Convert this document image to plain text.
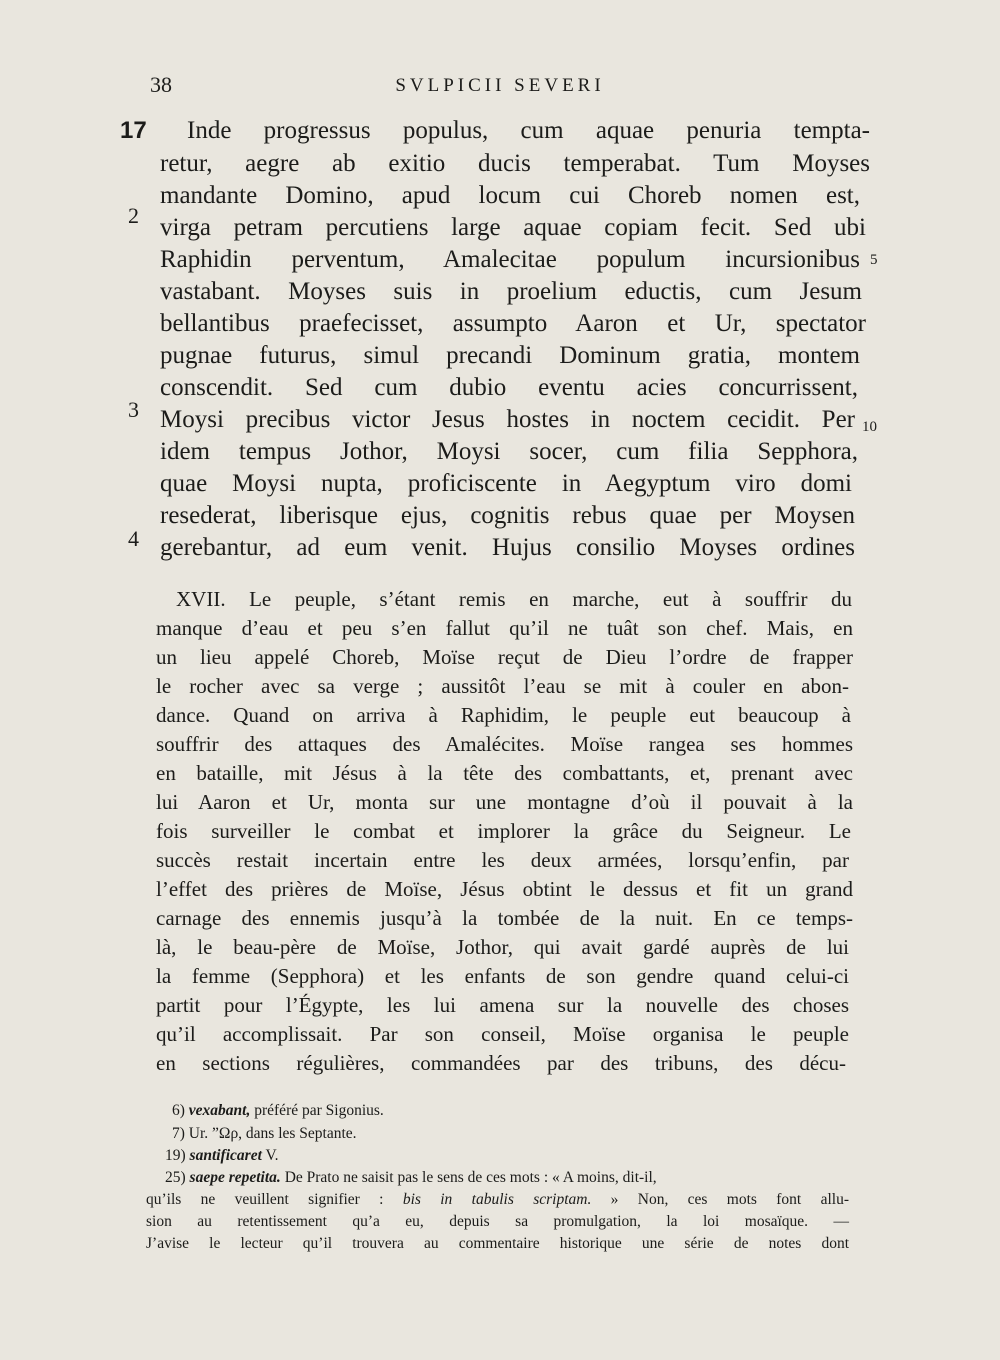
38	SVLPICII SEVERI
17
2
3
4
5
10
Inde progressus populus, cum aquae penuria tempta-
retur, aegre ab exitio ducis temperabat. Tum Moyses
mandante Domino, apud locum cui Choreb nomen est,
virga petram percutiens large aquae copiam fecit. Sed ubi
Raphidin perventum, Amalecitae populum incursionibus
vastabant. Moyses suis in proelium eductis, cum Jesum
bellantibus praefecisset, assumpto Aaron et Ur, spectator
pugnae futurus, simul precandi Dominum gratia, montem
conscendit. Sed cum dubio eventu acies concurrissent,
Moysi precibus victor Jesus hostes in noctem cecidit. Per
idem tempus Jothor, Moysi socer, cum filia Sepphora,
quae Moysi nupta, proficiscente in Aegyptum viro domi
resederat, liberisque ejus, cognitis rebus quae per Moysen
gerebantur, ad eum venit. Hujus consilio Moyses ordines
XVII. Le peuple, s’étant remis en marche, eut à souffrir du
manque d’eau et peu s’en fallut qu’il ne tuât son chef. Mais, en
un lieu appelé Choreb, Moïse reçut de Dieu l’ordre de frapper
le rocher avec sa verge ; aussitôt l’eau se mit à couler en abon-
dance. Quand on arriva à Raphidim, le peuple eut beaucoup à
souffrir des attaques des Amalécites. Moïse rangea ses hommes
en bataille, mit Jésus à la tête des combattants, et, prenant avec
lui Aaron et Ur, monta sur une montagne d’où il pouvait à la
fois surveiller le combat et implorer la grâce du Seigneur. Le
succès restait incertain entre les deux armées, lorsqu’enfin, par
l’effet des prières de Moïse, Jésus obtint le dessus et fit un grand
carnage des ennemis jusqu’à la tombée de la nuit. En ce temps-
là, le beau-père de Moïse, Jothor, qui avait gardé auprès de lui
la femme (Sepphora) et les enfants de son gendre quand celui-ci
partit pour l’Égypte, les lui amena sur la nouvelle des choses
qu’il accomplissait. Par son conseil, Moïse organisa le peuple
en sections régulières, commandées par des tribuns, des décu-
6) vexabant, préféré par Sigonius.
7) Ur. ”Ωρ, dans les Septante.
19) santificaret V.
25) saepe repetita. De Prato ne saisit pas le sens de ces mots : « A moins, dit-il,
qu’ils ne veuillent signifier : bis in tabulis scriptam. » Non, ces mots font allu-
sion au retentissement qu’a eu, depuis sa promulgation, la loi mosaïque. —
J’avise le lecteur qu’il trouvera au commentaire historique une série de notes dont
